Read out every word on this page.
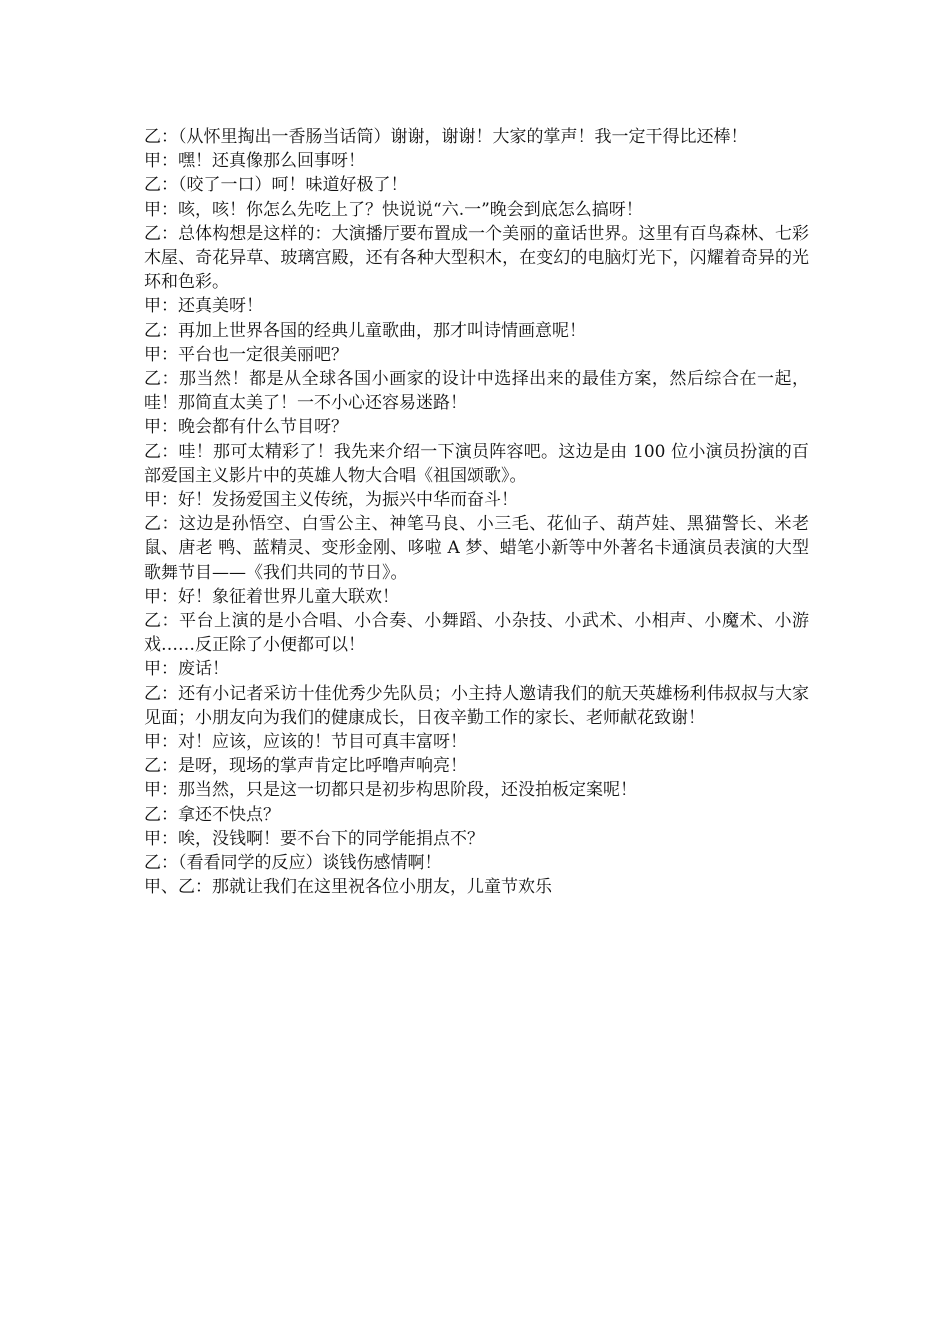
乙：（从怀里掏出一香肠当话筒）谢谢，谢谢！大家的掌声！我一定干得比还棒！

甲：嘿！还真像那么回事呀！

乙：（咬了一口）呵！味道好极了！

甲：咳，咳！你怎么先吃上了？快说说“六.一”晚会到底怎么搞呀！

乙：总体构想是这样的：大演播厅要布置成一个美丽的童话世界。这里有百鸟森林、七彩木屋、奇花异草、玻璃宫殿，还有各种大型积木，在变幻的电脑灯光下，闪耀着奇异的光环和色彩。

甲：还真美呀！

乙：再加上世界各国的经典儿童歌曲，那才叫诗情画意呢！

甲：平台也一定很美丽吧？

乙：那当然！都是从全球各国小画家的设计中选择出来的最佳方案，然后综合在一起，哇！那简直太美了！一不小心还容易迷路！

甲：晚会都有什么节目呀？

乙：哇！那可太精彩了！我先来介绍一下演员阵容吧。这边是由 100 位小演员扮演的百部爱国主义影片中的英雄人物大合唱《祖国颂歌》。

甲：好！发扬爱国主义传统，为振兴中华而奋斗！

乙：这边是孙悟空、白雪公主、神笔马良、小三毛、花仙子、葫芦娃、黑猫警长、米老鼠、唐老 鸭、蓝精灵、变形金刚、哆啦 A 梦、蜡笔小新等中外著名卡通演员表演的大型歌舞节目——《我们共同的节日》。

甲：好！象征着世界儿童大联欢！

乙：平台上演的是小合唱、小合奏、小舞蹈、小杂技、小武术、小相声、小魔术、小游戏……反正除了小便都可以！

甲：废话！

乙：还有小记者采访十佳优秀少先队员；小主持人邀请我们的航天英雄杨利伟叔叔与大家见面；小朋友向为我们的健康成长，日夜辛勤工作的家长、老师献花致谢！

甲：对！应该，应该的！节目可真丰富呀！

乙：是呀，现场的掌声肯定比呼噜声响亮！

甲：那当然，只是这一切都只是初步构思阶段，还没拍板定案呢！

乙：拿还不快点？

甲：唉，没钱啊！要不台下的同学能捐点不？

乙：（看看同学的反应）谈钱伤感情啊！

甲、乙：那就让我们在这里祝各位小朋友，儿童节欢乐
